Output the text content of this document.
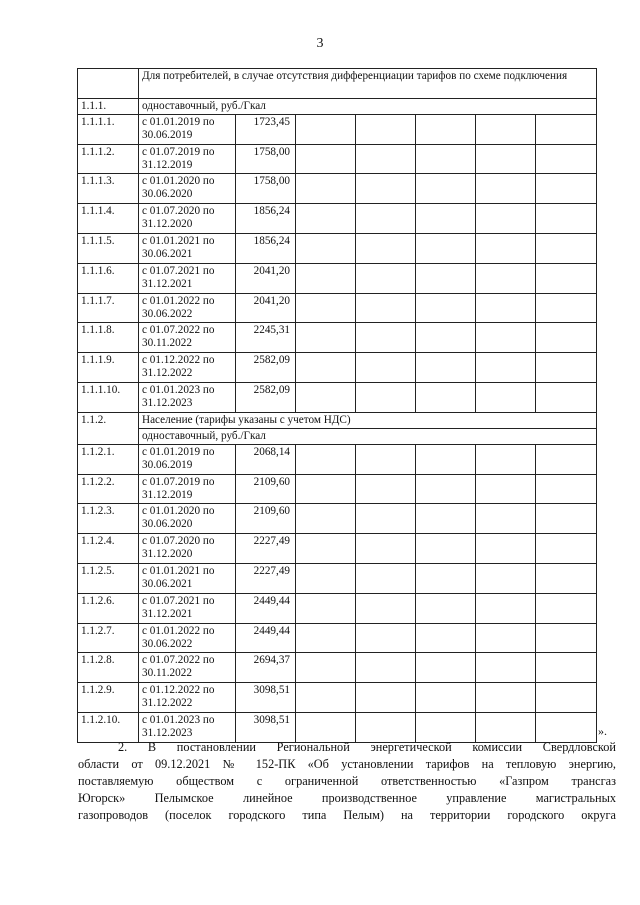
3
	Для потребителей, в случае отсутствия дифференциации тарифов по схеме подключения						
1.1.1.	одноставочный, руб./Гкал						
1.1.1.1.	с 01.01.2019 по 30.06.2019	1723,45					
1.1.1.2.	с 01.07.2019 по 31.12.2019	1758,00					
1.1.1.3.	с 01.01.2020 по 30.06.2020	1758,00					
1.1.1.4.	с 01.07.2020 по 31.12.2020	1856,24					
1.1.1.5.	с 01.01.2021 по 30.06.2021	1856,24					
1.1.1.6.	с 01.07.2021 по 31.12.2021	2041,20					
1.1.1.7.	с 01.01.2022 по 30.06.2022	2041,20					
1.1.1.8.	с 01.07.2022 по 30.11.2022	2245,31					
1.1.1.9.	с 01.12.2022 по 31.12.2022	2582,09					
1.1.1.10.	с 01.01.2023 по 31.12.2023	2582,09					
1.1.2.	Население (тарифы указаны с учетом НДС)						
	одноставочный, руб./Гкал						
1.1.2.1.	с 01.01.2019 по 30.06.2019	2068,14					
1.1.2.2.	с 01.07.2019 по 31.12.2019	2109,60					
1.1.2.3.	с 01.01.2020 по 30.06.2020	2109,60					
1.1.2.4.	с 01.07.2020 по 31.12.2020	2227,49					
1.1.2.5.	с 01.01.2021 по 30.06.2021	2227,49					
1.1.2.6.	с 01.07.2021 по 31.12.2021	2449,44					
1.1.2.7.	с 01.01.2022 по 30.06.2022	2449,44					
1.1.2.8.	с 01.07.2022 по 30.11.2022	2694,37					
1.1.2.9.	с 01.12.2022 по 31.12.2022	3098,51					
1.1.2.10.	с 01.01.2023 по 31.12.2023	3098,51					
».
2. В постановлении Региональной энергетической комиссии Свердловской
области от 09.12.2021 № 152-ПК «Об установлении тарифов на тепловую энергию,
поставляемую обществом с ограниченной ответственностью «Газпром трансгаз
Югорск» Пелымское линейное производственное управление магистральных
газопроводов (поселок городского типа Пелым) на территории городского округа
